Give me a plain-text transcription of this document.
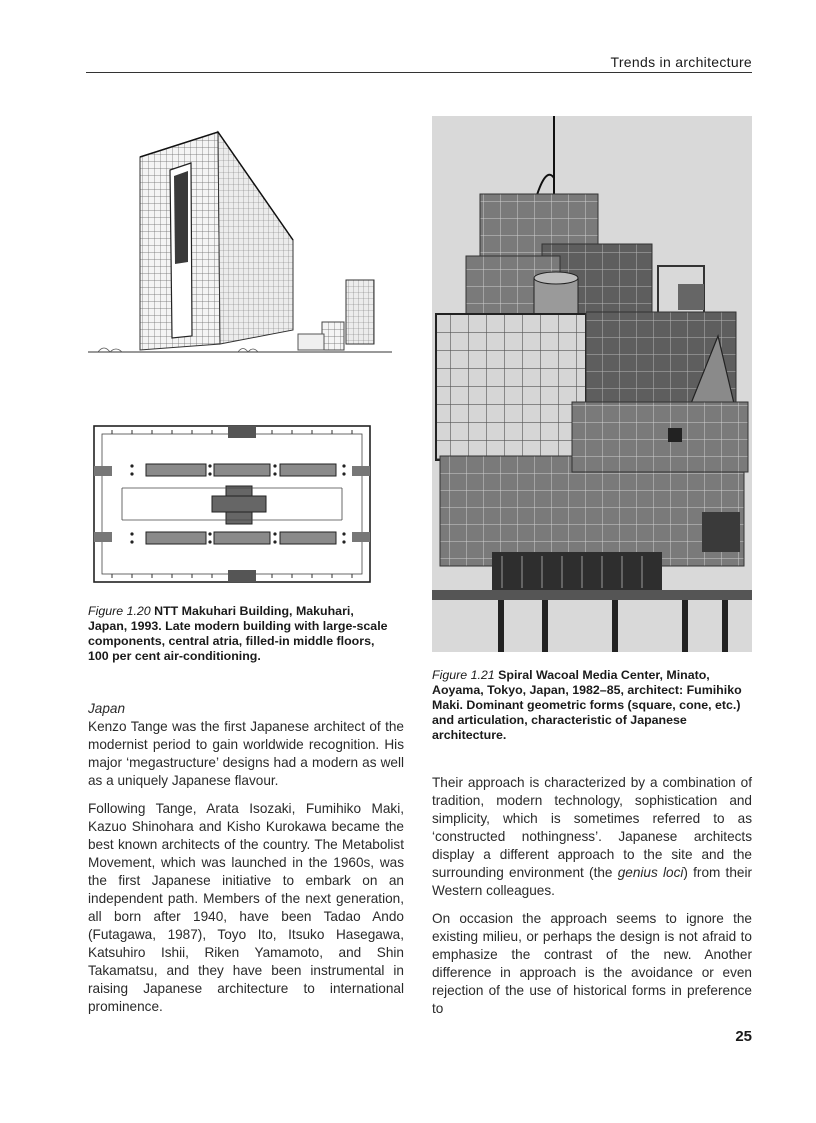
Trends in architecture
Figure 1.20 NTT Makuhari Building, Makuhari, Japan, 1993. Late modern building with large-scale components, central atria, filled-in middle floors, 100 per cent air-conditioning.
Figure 1.21 Spiral Wacoal Media Center, Minato, Aoyama, Tokyo, Japan, 1982–85, architect: Fumihiko Maki. Dominant geometric forms (square, cone, etc.) and articulation, characteristic of Japanese architecture.

Japan

Kenzo Tange was the first Japanese architect of the modernist period to gain worldwide recognition. His major ‘megastructure’ designs had a modern as well as a uniquely Japanese flavour.

Following Tange, Arata Isozaki, Fumihiko Maki, Kazuo Shinohara and Kisho Kurokawa became the best known architects of the country. The Metabolist Movement, which was launched in the 1960s, was the first Japanese initiative to embark on an independent path. Members of the next generation, all born after 1940, have been Tadao Ando (Futagawa, 1987), Toyo Ito, Itsuko Hasegawa, Katsuhiro Ishii, Riken Yamamoto, and Shin Takamatsu, and they have been instrumental in raising Japanese architecture to international prominence.

Their approach is characterized by a combination of tradition, modern technology, sophistication and simplicity, which is sometimes referred to as ‘constructed nothingness’. Japanese architects display a different approach to the site and the surrounding environment (the genius loci) from their Western colleagues.

On occasion the approach seems to ignore the existing milieu, or perhaps the design is not afraid to emphasize the contrast of the new. Another difference in approach is the avoidance or even rejection of the use of historical forms in preference to

25
